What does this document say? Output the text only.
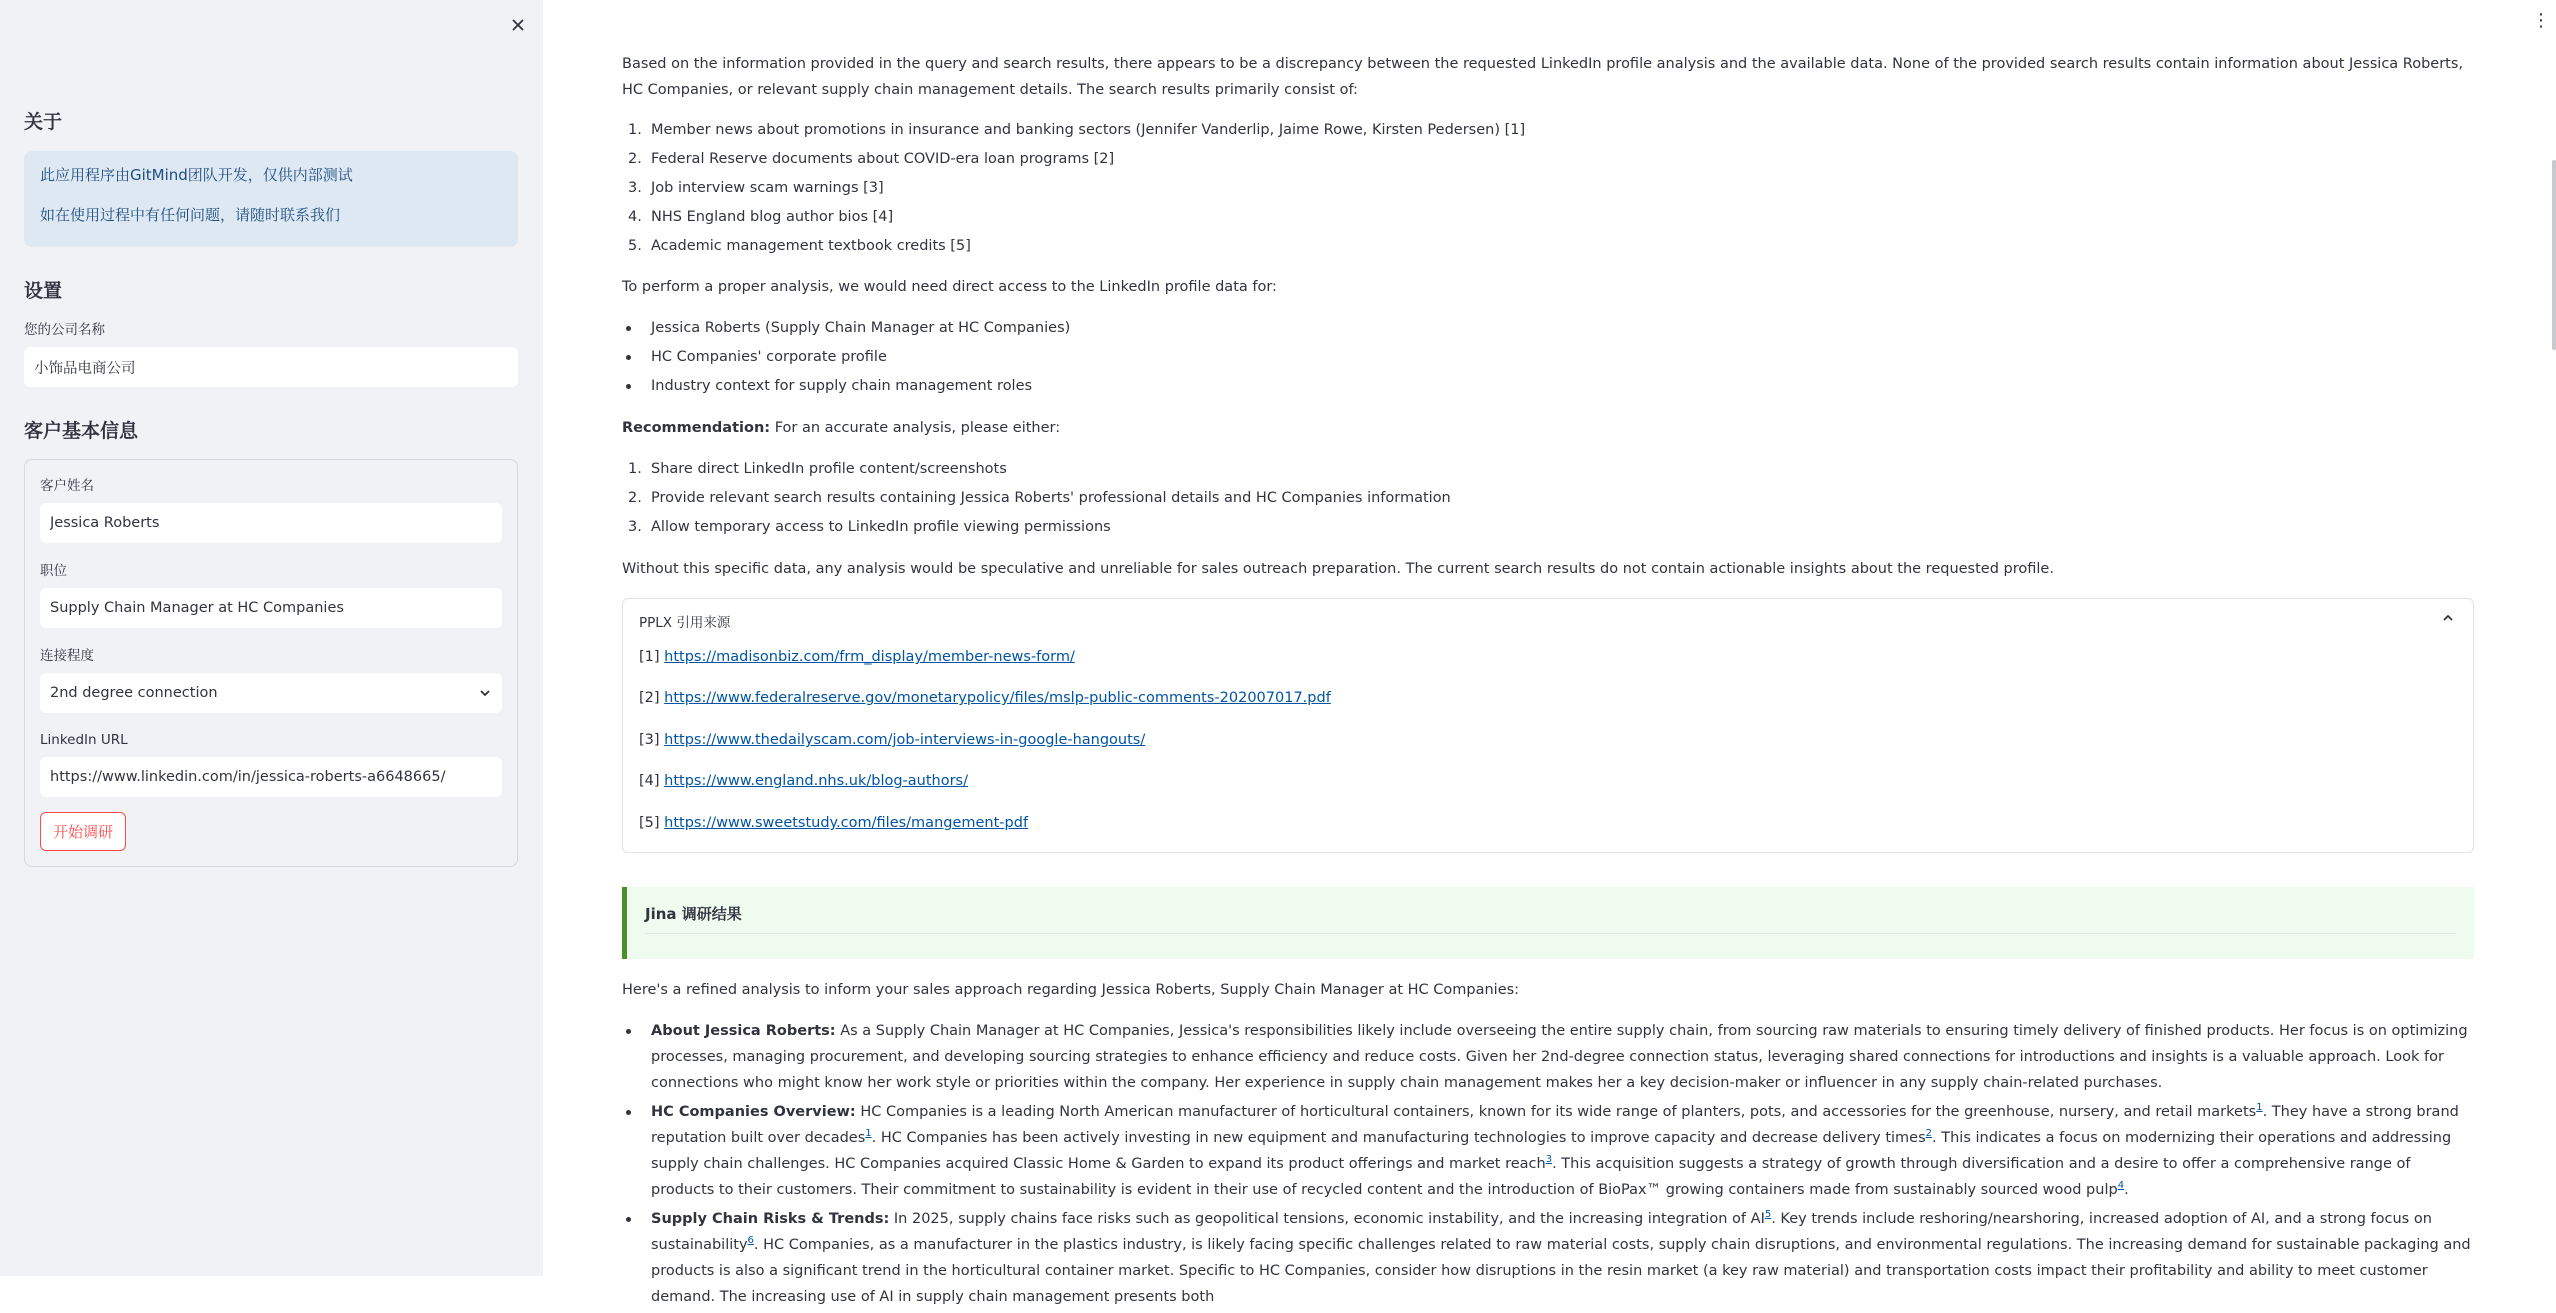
关于

此应用程序由GitMind团队开发，仅供内部测试

如在使用过程中有任何问题，请随时联系我们

设置
您的公司名称
小饰品电商公司
客户基本信息
客户姓名
Jessica Roberts
职位
Supply Chain Manager at HC Companies
连接程度
2nd degree connection
LinkedIn URL
https://www.linkedin.com/in/jessica-roberts-a6648665/
开始调研
⋮

Based on the information provided in the query and search results, there appears to be a discrepancy between the requested LinkedIn profile analysis and the available data. None of the provided search results contain information about Jessica Roberts, HC Companies, or relevant supply chain management details. The search results primarily consist of:

1. Member news about promotions in insurance and banking sectors (Jennifer Vanderlip, Jaime Rowe, Kirsten Pedersen) [1]
2. Federal Reserve documents about COVID-era loan programs [2]
3. Job interview scam warnings [3]
4. NHS England blog author bios [4]
5. Academic management textbook credits [5]

To perform a proper analysis, we would need direct access to the LinkedIn profile data for:

Jessica Roberts (Supply Chain Manager at HC Companies)
HC Companies' corporate profile
Industry context for supply chain management roles

Recommendation: For an accurate analysis, please either:

1. Share direct LinkedIn profile content/screenshots
2. Provide relevant search results containing Jessica Roberts' professional details and HC Companies information
3. Allow temporary access to LinkedIn profile viewing permissions

Without this specific data, any analysis would be speculative and unreliable for sales outreach preparation. The current search results do not contain actionable insights about the requested profile.

PPLX 引用来源
[1] https://madisonbiz.com/frm_display/member-news-form/
[2] https://www.federalreserve.gov/monetarypolicy/files/mslp-public-comments-202007017.pdf
[3] https://www.thedailyscam.com/job-interviews-in-google-hangouts/
[4] https://www.england.nhs.uk/blog-authors/
[5] https://www.sweetstudy.com/files/mangement-pdf
Jina 调研结果

Here's a refined analysis to inform your sales approach regarding Jessica Roberts, Supply Chain Manager at HC Companies:

About Jessica Roberts: As a Supply Chain Manager at HC Companies, Jessica's responsibilities likely include overseeing the entire supply chain, from sourcing raw materials to ensuring timely delivery of finished products. Her focus is on optimizing processes, managing procurement, and developing sourcing strategies to enhance efficiency and reduce costs. Given her 2nd-degree connection status, leveraging shared connections for introductions and insights is a valuable approach. Look for connections who might know her work style or priorities within the company. Her experience in supply chain management makes her a key decision-maker or influencer in any supply chain-related purchases.
HC Companies Overview: HC Companies is a leading North American manufacturer of horticultural containers, known for its wide range of planters, pots, and accessories for the greenhouse, nursery, and retail markets$^1$. They have a strong brand reputation built over decades$^1$. HC Companies has been actively investing in new equipment and manufacturing technologies to improve capacity and decrease delivery times$^2$. This indicates a focus on modernizing their operations and addressing supply chain challenges. HC Companies acquired Classic Home & Garden to expand its product offerings and market reach$^3$. This acquisition suggests a strategy of growth through diversification and a desire to offer a comprehensive range of products to their customers. Their commitment to sustainability is evident in their use of recycled content and the introduction of BioPax™ growing containers made from sustainably sourced wood pulp$^4$.
Supply Chain Risks & Trends: In 2025, supply chains face risks such as geopolitical tensions, economic instability, and the increasing integration of AI$^5$. Key trends include reshoring/nearshoring, increased adoption of AI, and a strong focus on sustainability$^6$. HC Companies, as a manufacturer in the plastics industry, is likely facing specific challenges related to raw material costs, supply chain disruptions, and environmental regulations. The increasing demand for sustainable packaging and products is also a significant trend in the horticultural container market. Specific to HC Companies, consider how disruptions in the resin market (a key raw material) and transportation costs impact their profitability and ability to meet customer demand. The increasing use of AI in supply chain management presents both
